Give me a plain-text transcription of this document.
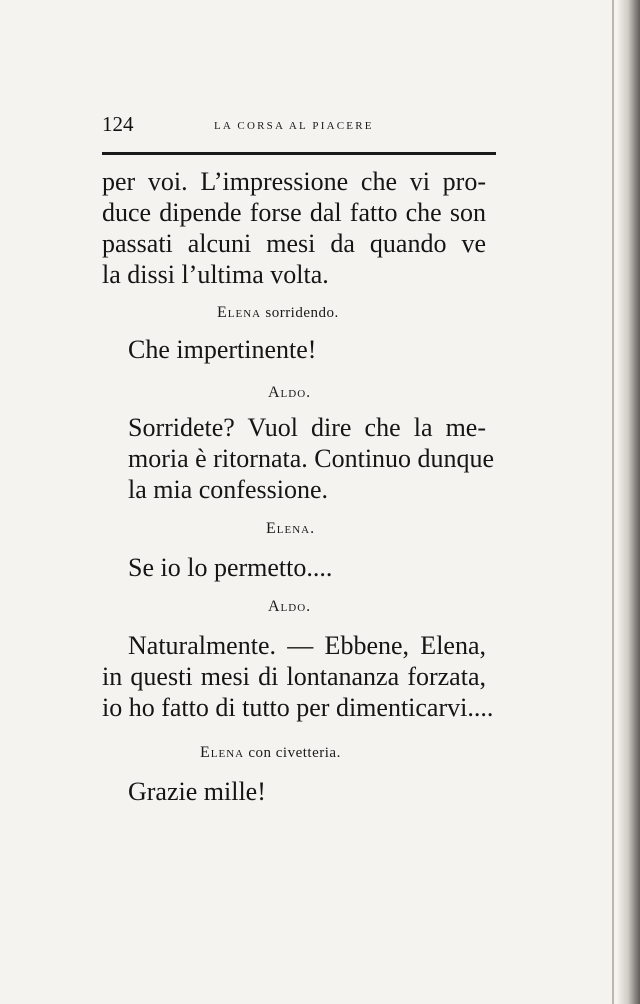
124	LA CORSA AL PIACERE

per voi. L’impressione che vi pro-
duce dipende forse dal fatto che son
passati alcuni mesi da quando ve
la dissi l’ultima volta.

Elena sorridendo.
Che impertinente!
Aldo.

Sorridete? Vuol dire che la me-
moria è ritornata. Continuo dunque
la mia confessione.

Elena.
Se io lo permetto....
Aldo.

Naturalmente. — Ebbene, Elena,
in questi mesi di lontananza forzata,
io ho fatto di tutto per dimenticarvi....

Elena con civetteria.
Grazie mille!
